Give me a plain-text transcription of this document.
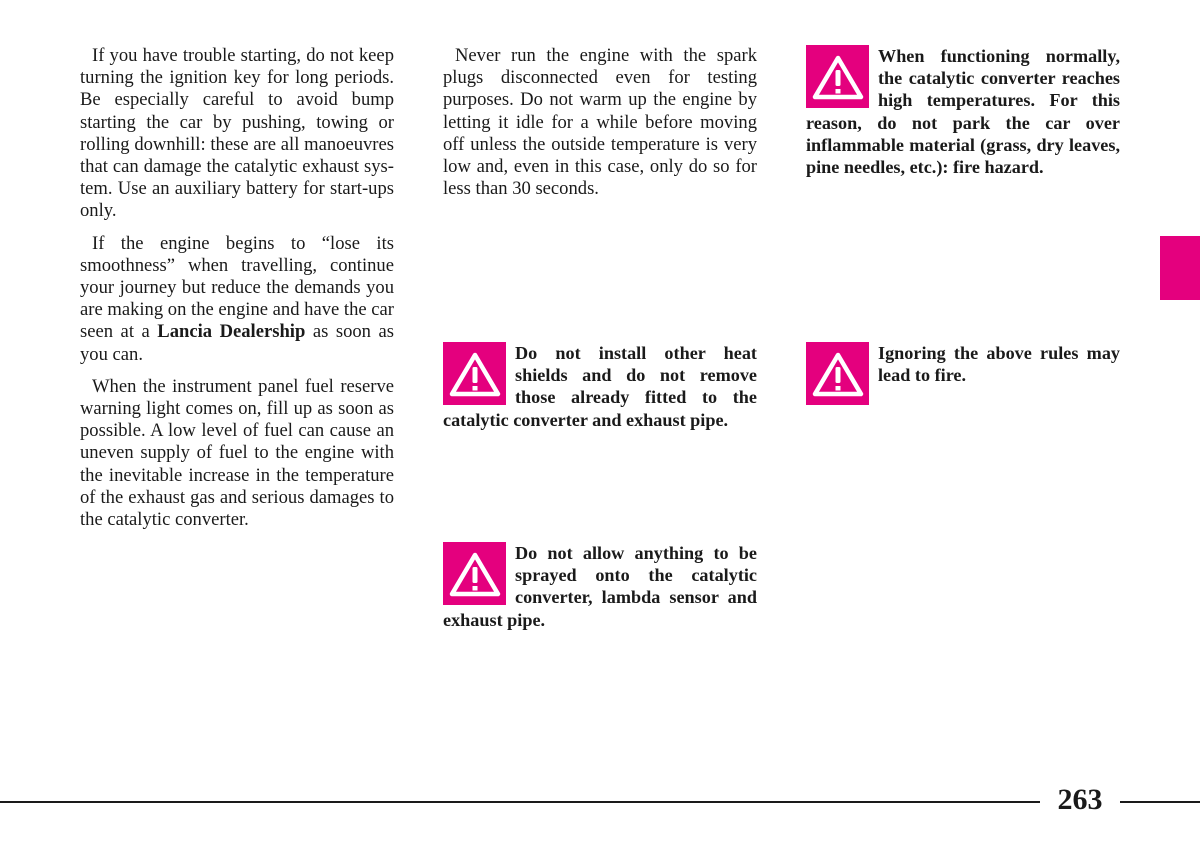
If you have trouble starting, do not keep turning the ignition key for long periods. Be especially careful to avoid bump starting the car by pushing, towing or rolling downhill: these are all manoeuvres that can damage the catalytic exhaust system. Use an auxiliary battery for start-ups only.

If the engine begins to “lose its smoothness” when travelling, continue your journey but reduce the demands you are making on the engine and have the car seen at a Lancia Dealership as soon as you can.

When the instrument panel fuel reserve warning light comes on, fill up as soon as possible. A low level of fuel can cause an uneven supply of fuel to the engine with the inevitable increase in the temperature of the exhaust gas and serious damages to the catalytic converter.

Never run the engine with the spark plugs disconnected even for testing purposes. Do not warm up the engine by letting it idle for a while before moving off unless the outside temperature is very low and, even in this case, only do so for less than 30 seconds.

When functioning normally, the catalytic converter reaches high temperatures. For this reason, do not park the car over inflammable material (grass, dry leaves, pine needles, etc.): fire hazard.

Do not install other heat shields and do not remove those already fitted to the catalytic converter and exhaust pipe.

Ignoring the above rules may lead to fire.

Do not allow anything to be sprayed onto the catalytic converter, lambda sensor and exhaust pipe.

263
